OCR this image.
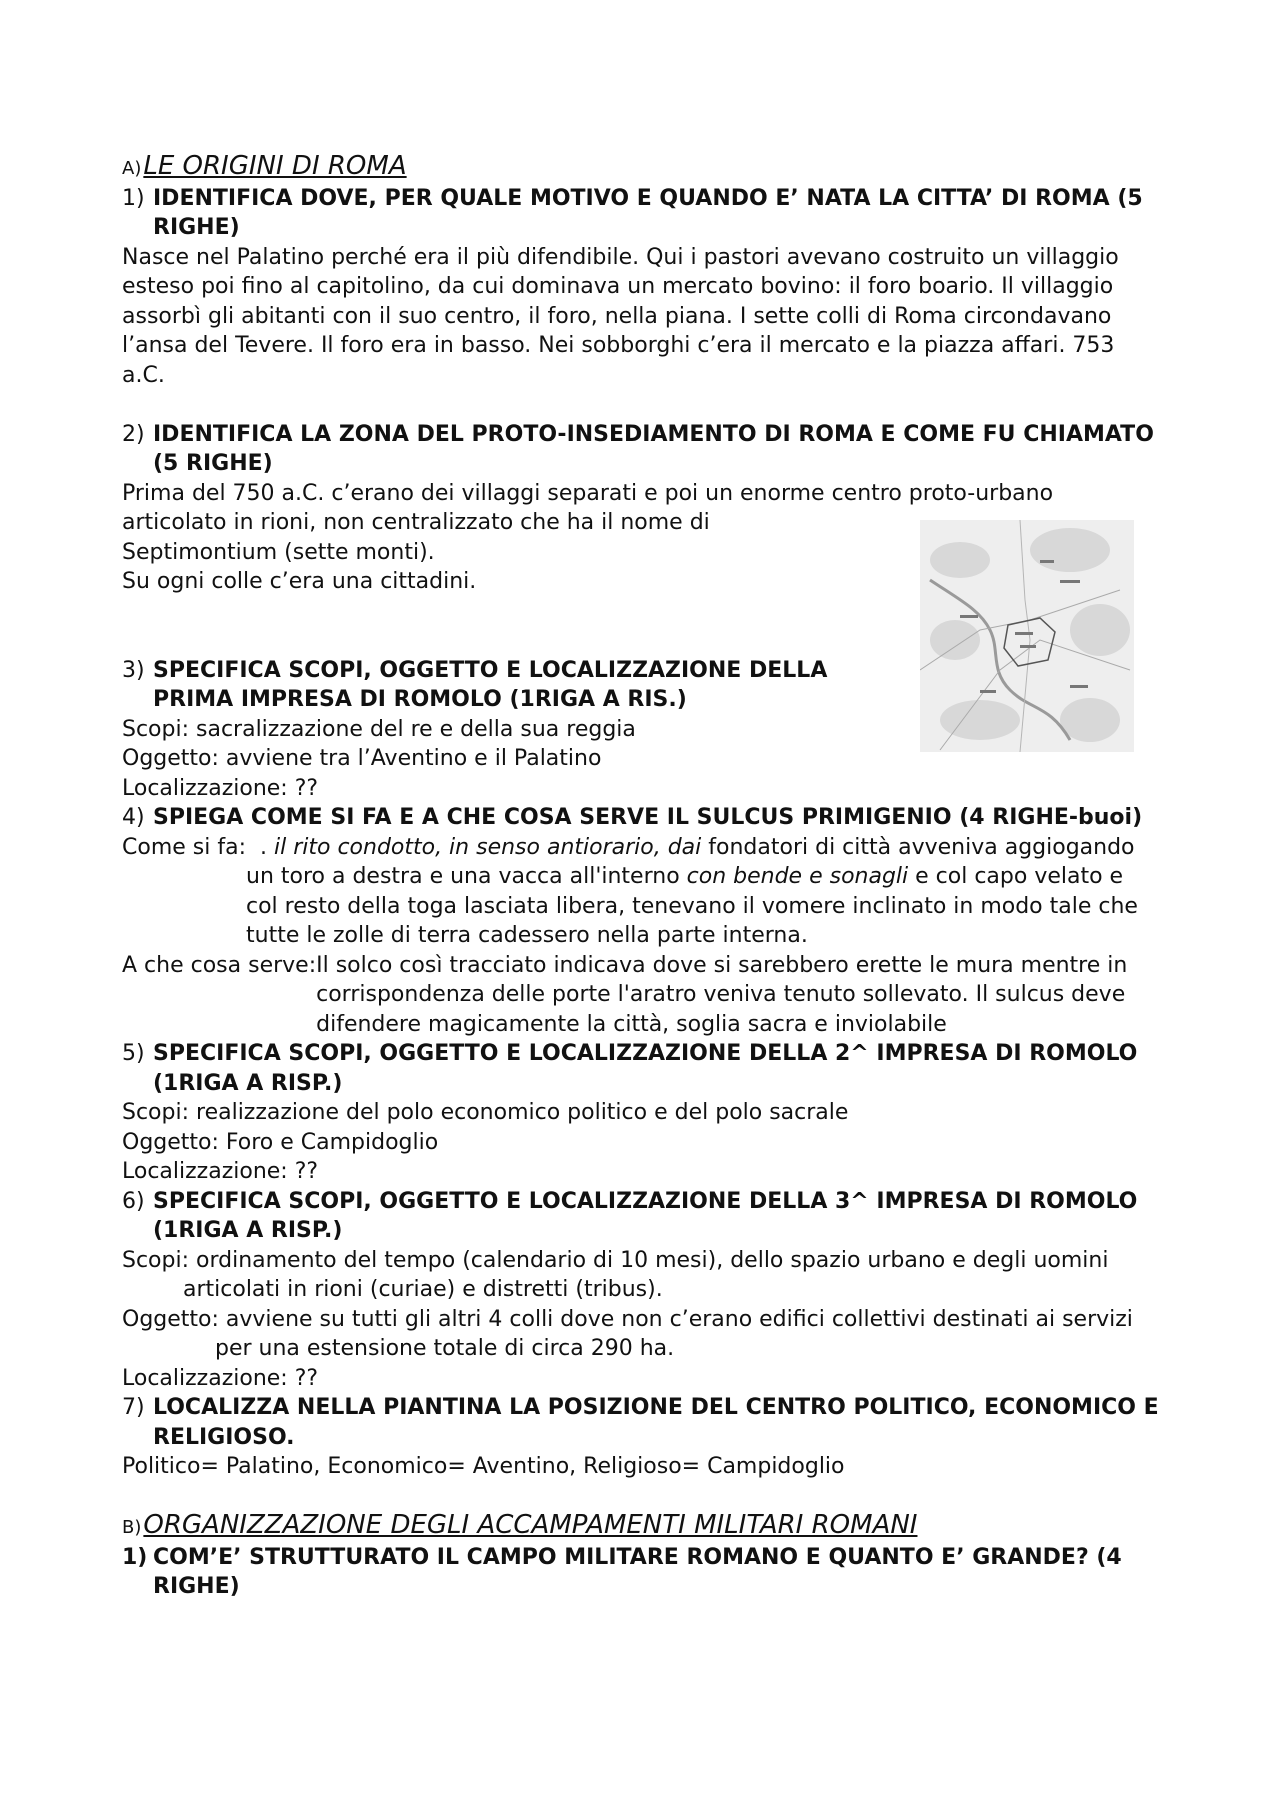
A) LE ORIGINI DI ROMA
1) IDENTIFICA DOVE, PER QUALE MOTIVO E QUANDO E’ NATA LA CITTA’ DI ROMA (5 RIGHE)

Nasce nel Palatino perché era il più difendibile. Qui i pastori avevano costruito un villaggio esteso poi fino al capitolino, da cui dominava un mercato bovino: il foro boario. Il villaggio assorbì gli abitanti con il suo centro, il foro, nella piana. I sette colli di Roma circondavano l’ansa del Tevere. Il foro era in basso. Nei sobborghi c’era il mercato e la piazza affari. 753 a.C.

2) IDENTIFICA LA ZONA DEL PROTO-INSEDIAMENTO DI ROMA E COME FU CHIAMATO (5 RIGHE)

Prima del 750 a.C. c’erano dei villaggi separati e poi un enorme centro proto-urbano

articolato in rioni, non centralizzato che ha il nome di

Septimontium (sette monti).

Su ogni colle c’era una cittadini.

3) SPECIFICA SCOPI, OGGETTO E LOCALIZZAZIONE DELLA
PRIMA IMPRESA DI ROMOLO (1RIGA A RIS.)

Scopi: sacralizzazione del re e della sua reggia

Oggetto: avviene tra l’Aventino e il Palatino

Localizzazione: ??

4) SPIEGA COME SI FA E A CHE COSA SERVE IL SULCUS PRIMIGENIO (4 RIGHE-buoi)
Come si fa: . il rito condotto, in senso antiorario, dai fondatori di città avveniva aggiogando un toro a destra e una vacca all'interno con bende e sonagli e col capo velato e col resto della toga lasciata libera, tenevano il vomere inclinato in modo tale che tutte le zolle di terra cadessero nella parte interna.

A che cosa serve: Il solco così tracciato indicava dove si sarebbero erette le mura mentre in corrispondenza delle porte l'aratro veniva tenuto sollevato. Il sulcus deve difendere magicamente la città, soglia sacra e inviolabile

5) SPECIFICA SCOPI, OGGETTO E LOCALIZZAZIONE DELLA 2^ IMPRESA DI ROMOLO (1RIGA A RISP.)

Scopi: realizzazione del polo economico politico e del polo sacrale

Oggetto: Foro e Campidoglio

Localizzazione: ??

6) SPECIFICA SCOPI, OGGETTO E LOCALIZZAZIONE DELLA 3^ IMPRESA DI ROMOLO (1RIGA A RISP.)

Scopi: ordinamento del tempo (calendario di 10 mesi), dello spazio urbano e degli uomini articolati in rioni (curiae) e distretti (tribus).

Oggetto: avviene su tutti gli altri 4 colli dove non c’erano edifici collettivi destinati ai servizi per una estensione totale di circa 290 ha.

Localizzazione: ??

7) LOCALIZZA NELLA PIANTINA LA POSIZIONE DEL CENTRO POLITICO, ECONOMICO E RELIGIOSO.

Politico= Palatino, Economico= Aventino, Religioso= Campidoglio

B) ORGANIZZAZIONE DEGLI ACCAMPAMENTI MILITARI ROMANI
1) COM’E’ STRUTTURATO IL CAMPO MILITARE ROMANO E QUANTO E’ GRANDE? (4 RIGHE)
